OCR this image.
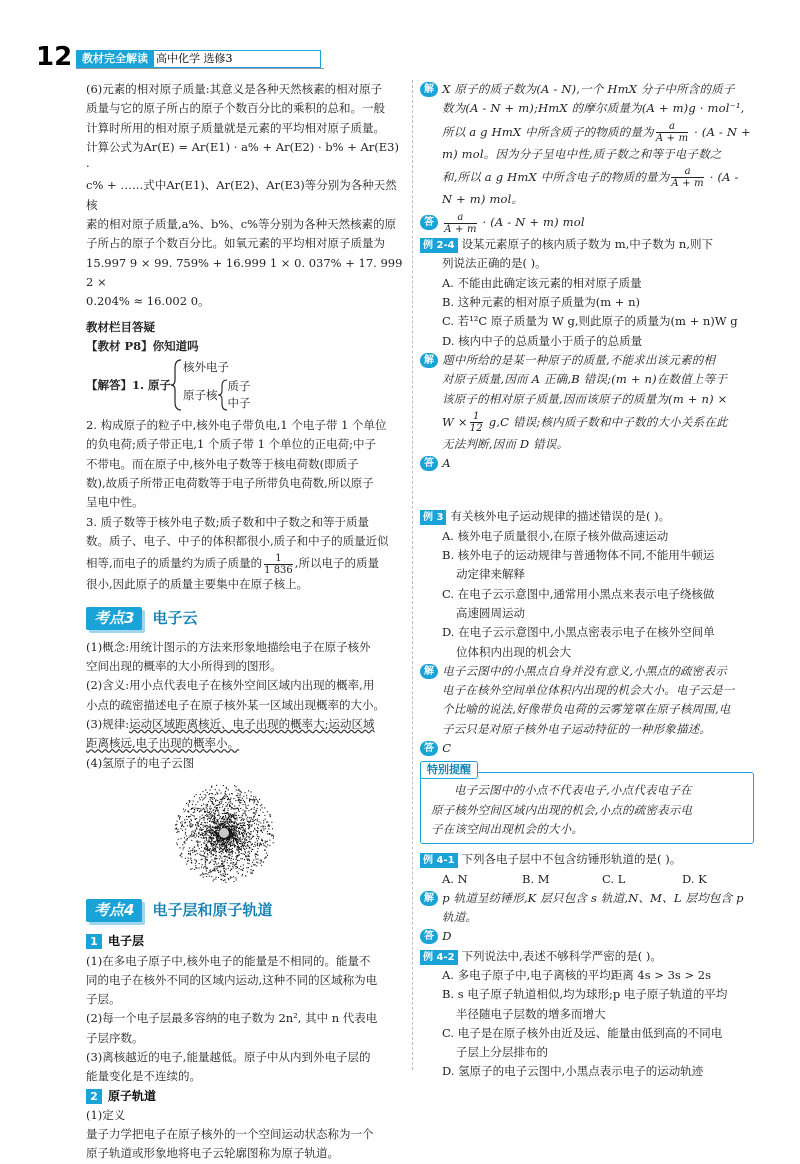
12 教材完全解读 高中化学 选修3

(6)元素的相对原子质量:其意义是各种天然核素的相对原子

质量与它的原子所占的原子个数百分比的乘积的总和。一般

计算时所用的相对原子质量就是元素的平均相对原子质量。

计算公式为Ar(E) = Ar(E1) · a% + Ar(E2) · b% + Ar(E3) ·

c% + ……式中Ar(E1)、Ar(E2)、Ar(E3)等分别为各种天然核

素的相对原子质量,a%、b%、c%等分别为各种天然核素的原

子所占的原子个数百分比。如氧元素的平均相对原子质量为

15.997 9 × 99. 759% + 16.999 1 × 0. 037% + 17. 999 2 ×

0.204% ≈ 16.002 0。

教材栏目答疑

【教材 P8】你知道吗

【解答】1. 原子
核外电子
原子核
质子
中子

2. 构成原子的粒子中,核外电子带负电,1 个电子带 1 个单位

的负电荷;质子带正电,1 个质子带 1 个单位的正电荷;中子

不带电。而在原子中,核外电子数等于核电荷数(即质子

数),故质子所带正电荷数等于电子所带负电荷数,所以原子

呈电中性。

3. 质子数等于核外电子数;质子数和中子数之和等于质量

数。质子、电子、中子的体积都很小,质子和中子的质量近似

相等,而电子的质量约为质子质量的 $\frac{1}{1 836}$ ,所以电子的质量

很小,因此原子的质量主要集中在原子核上。

考点3	电子云

(1)概念:用统计图示的方法来形象地描绘电子在原子核外

空间出现的概率的大小所得到的图形。

(2)含义:用小点代表电子在核外空间区域内出现的概率,用

小点的疏密描述电子在原子核外某一区域出现概率的大小。

(3)规律:运动区域距离核近、电子出现的概率大;运动区域

距离核远,电子出现的概率小。

(4)氢原子的电子云图

考点4	电子层和原子轨道

1 电子层

(1)在多电子原子中,核外电子的能量是不相同的。能量不

同的电子在核外不同的区域内运动,这种不同的区域称为电

子层。

(2)每一个电子层最多容纳的电子数为 2n², 其中 n 代表电

子层序数。

(3)离核越近的电子,能量越低。原子中从内到外电子层的

能量变化是不连续的。

2 原子轨道

(1)定义

量子力学把电子在原子核外的一个空间运动状态称为一个

原子轨道或形象地将电子云轮廓图称为原子轨道。

解 X 原子的质子数为(A - N),一个 HmX 分子中所含的质子

数为(A - N + m);HmX 的摩尔质量为(A + m)g · mol⁻¹,

所以 a g HmX 中所含质子的物质的量为 $\frac{a}{A + m} \cdot (A - N$ +

m) mol。因为分子呈电中性,质子数之和等于电子数之

和,所以 a g HmX 中所含电子的物质的量为 $\frac{a}{A + m} \cdot (A$ -

N + m) mol。

答 $\frac{a}{A + m} \cdot (A - N + m)$ mol

例 2-4 设某元素原子的核内质子数为 m,中子数为 n,则下

列说法正确的是( )。

A. 不能由此确定该元素的相对原子质量

B. 这种元素的相对原子质量为(m + n)

C. 若¹²C 原子质量为 W g,则此原子的质量为(m + n)W g

D. 核内中子的总质量小于质子的总质量

解 题中所给的是某一种原子的质量,不能求出该元素的相

对原子质量,因而 A 正确,B 错误;(m + n)在数值上等于

该原子的相对原子质量,因而该原子的质量为(m + n) ×

$W \times \frac{1}{12} g,C$ 错误;核内质子数和中子数的大小关系在此

无法判断,因而 D 错误。

答 A

例 3 有关核外电子运动规律的描述错误的是( )。

A. 核外电子质量很小,在原子核外做高速运动

B. 核外电子的运动规律与普通物体不同,不能用牛顿运

动定律来解释

C. 在电子云示意图中,通常用小黑点来表示电子绕核做

高速圆周运动

D. 在电子云示意图中,小黑点密表示电子在核外空间单

位体积内出现的机会大

解 电子云图中的小黑点自身并没有意义,小黑点的疏密表示

电子在核外空间单位体积内出现的机会大小。电子云是一

个比喻的说法,好像带负电荷的云雾笼罩在原子核周围,电

子云只是对原子核外电子运动特征的一种形象描述。

答 C

特别提醒

电子云图中的小点不代表电子,小点代表电子在

原子核外空间区域内出现的机会,小点的疏密表示电

子在该空间出现机会的大小。

例 4-1 下列各电子层中不包含纺锤形轨道的是( )。

A. N	B. M	C. L	D. K

解 p 轨道呈纺锤形,K 层只包含 s 轨道,N、M、L 层均包含 p

轨道。

答 D

例 4-2 下列说法中,表述不够科学严密的是( )。

A. 多电子原子中,电子离核的平均距离 4s > 3s > 2s

B. s 电子原子轨道相似,均为球形;p 电子原子轨道的平均

半径随电子层数的增多而增大

C. 电子是在原子核外由近及远、能量由低到高的不同电

子层上分层排布的

D. 氢原子的电子云图中,小黑点表示电子的运动轨迹
